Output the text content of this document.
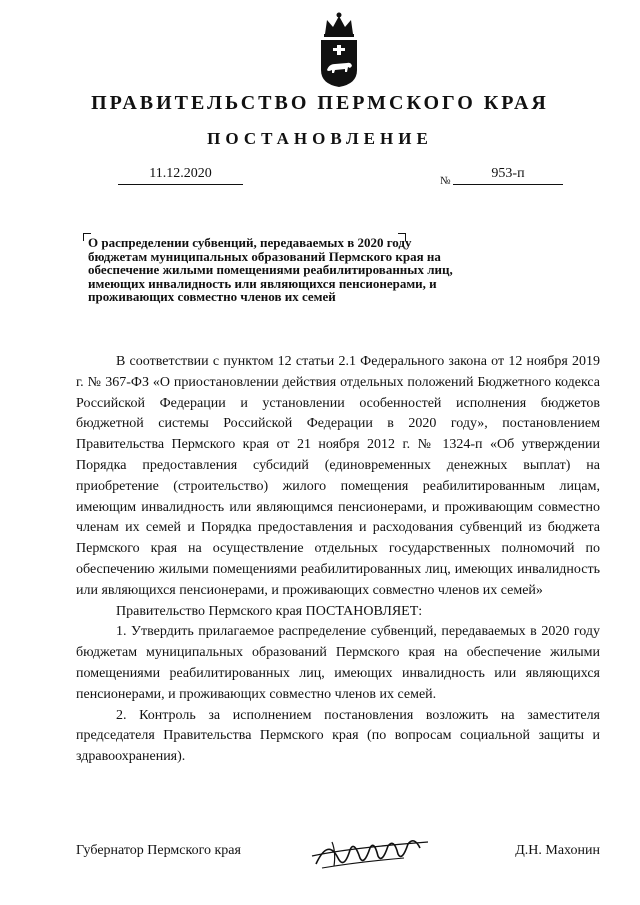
ПРАВИТЕЛЬСТВО ПЕРМСКОГО КРАЯ
ПОСТАНОВЛЕНИЕ
11.12.2020	№	953-п
О распределении субвенций, передаваемых в 2020 году бюджетам муниципальных образований Пермского края на обеспечение жилыми помещениями реабилитированных лиц, имеющих инвалидность или являющихся пенсионерами, и проживающих совместно членов их семей

В соответствии с пунктом 12 статьи 2.1 Федерального закона от 12 ноября 2019 г. № 367-ФЗ «О приостановлении действия отдельных положений Бюджетного кодекса Российской Федерации и установлении особенностей исполнения бюджетов бюджетной системы Российской Федерации в 2020 году», постановлением Правительства Пермского края от 21 ноября 2012 г. № 1324-п «Об утверждении Порядка предоставления субсидий (единовременных денежных выплат) на приобретение (строительство) жилого помещения реабилитированным лицам, имеющим инвалидность или являющимся пенсионерами, и проживающим совместно членам их семей и Порядка предоставления и расходования субвенций из бюджета Пермского края на осуществление отдельных государственных полномочий по обеспечению жилыми помещениями реабилитированных лиц, имеющих инвалидность или являющихся пенсионерами, и проживающих совместно членов их семей»

Правительство Пермского края ПОСТАНОВЛЯЕТ:

1. Утвердить прилагаемое распределение субвенций, передаваемых в 2020 году бюджетам муниципальных образований Пермского края на обеспечение жилыми помещениями реабилитированных лиц, имеющих инвалидность или являющихся пенсионерами, и проживающих совместно членов их семей.

2. Контроль за исполнением постановления возложить на заместителя председателя Правительства Пермского края (по вопросам социальной защиты и здравоохранения).

Губернатор Пермского края	Д.Н. Махонин
